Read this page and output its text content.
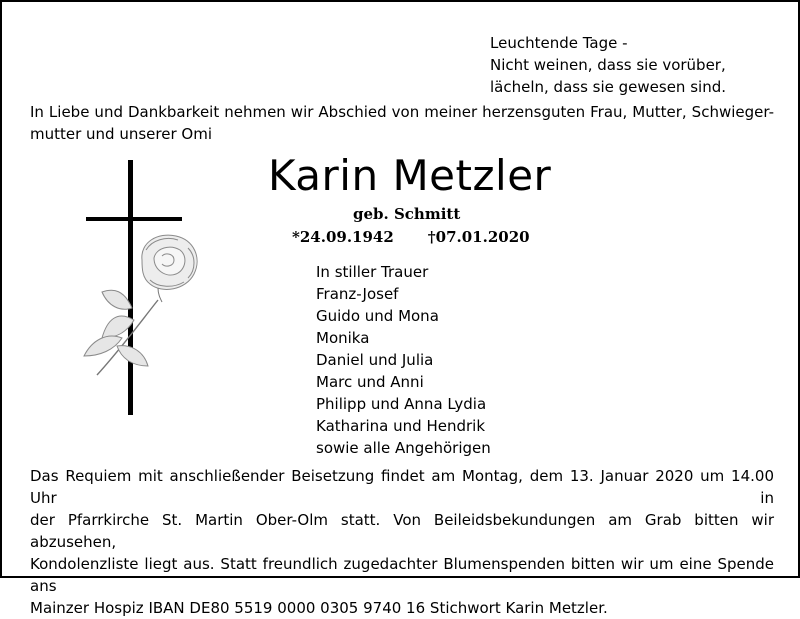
Leuchtende Tage -
Nicht weinen, dass sie vorüber,
lächeln, dass sie gewesen sind.
In Liebe und Dankbarkeit nehmen wir Abschied von meiner herzensguten Frau, Mutter, Schwieger-
mutter und unserer Omi
Karin Metzler
geb. Schmitt
*24.09.1942 †07.01.2020
In stiller Trauer
Franz-Josef
Guido und Mona
Monika
Daniel und Julia
Marc und Anni
Philipp und Anna Lydia
Katharina und Hendrik
sowie alle Angehörigen
Das Requiem mit anschließender Beisetzung findet am Montag, dem 13. Januar 2020 um 14.00 Uhr in
der Pfarrkirche St. Martin Ober-Olm statt. Von Beileidsbekundungen am Grab bitten wir abzusehen,
Kondolenzliste liegt aus. Statt freundlich zugedachter Blumenspenden bitten wir um eine Spende ans
Mainzer Hospiz IBAN DE80 5519 0000 0305 9740 16 Stichwort Karin Metzler.
